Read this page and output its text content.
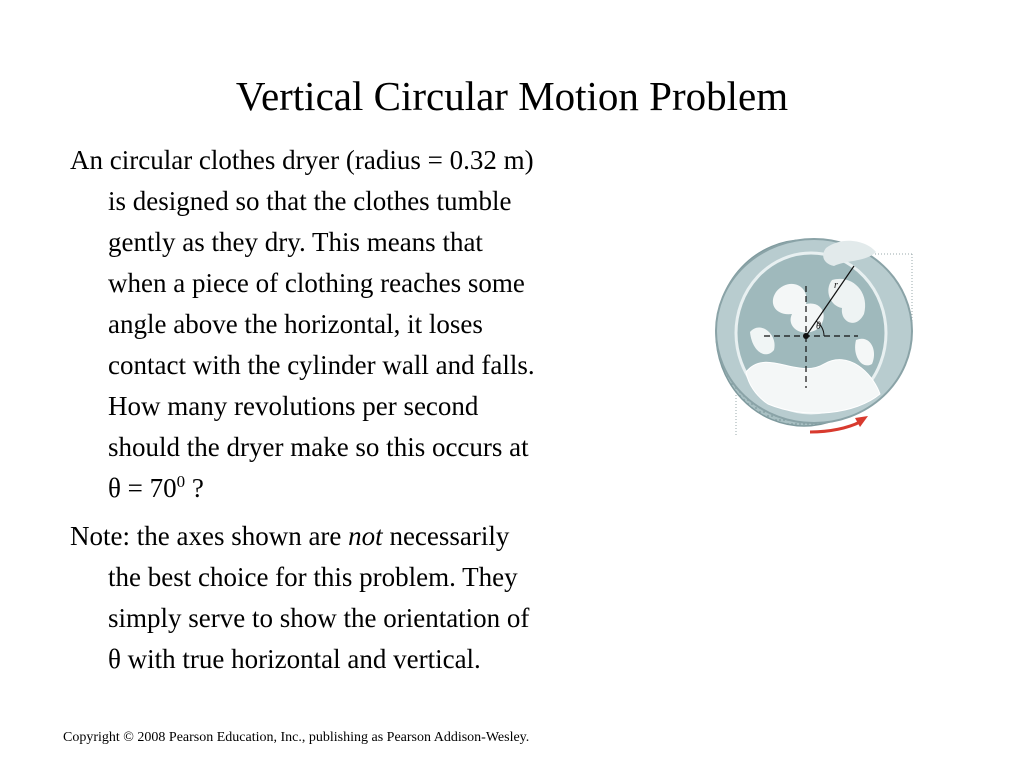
Vertical Circular Motion Problem

An circular clothes dryer (radius = 0.32 m)
is designed so that the clothes tumble
gently as they dry. This means that
when a piece of clothing reaches some
angle above the horizontal, it loses
contact with the cylinder wall and falls.
How many revolutions per second
should the dryer make so this occurs at
$\theta = 70^0$ ?

Note: the axes shown are not necessarily
the best choice for this problem. They
simply serve to show the orientation of
θ with true horizontal and vertical.

θ
r

Copyright © 2008 Pearson Education, Inc., publishing as Pearson Addison-Wesley.
